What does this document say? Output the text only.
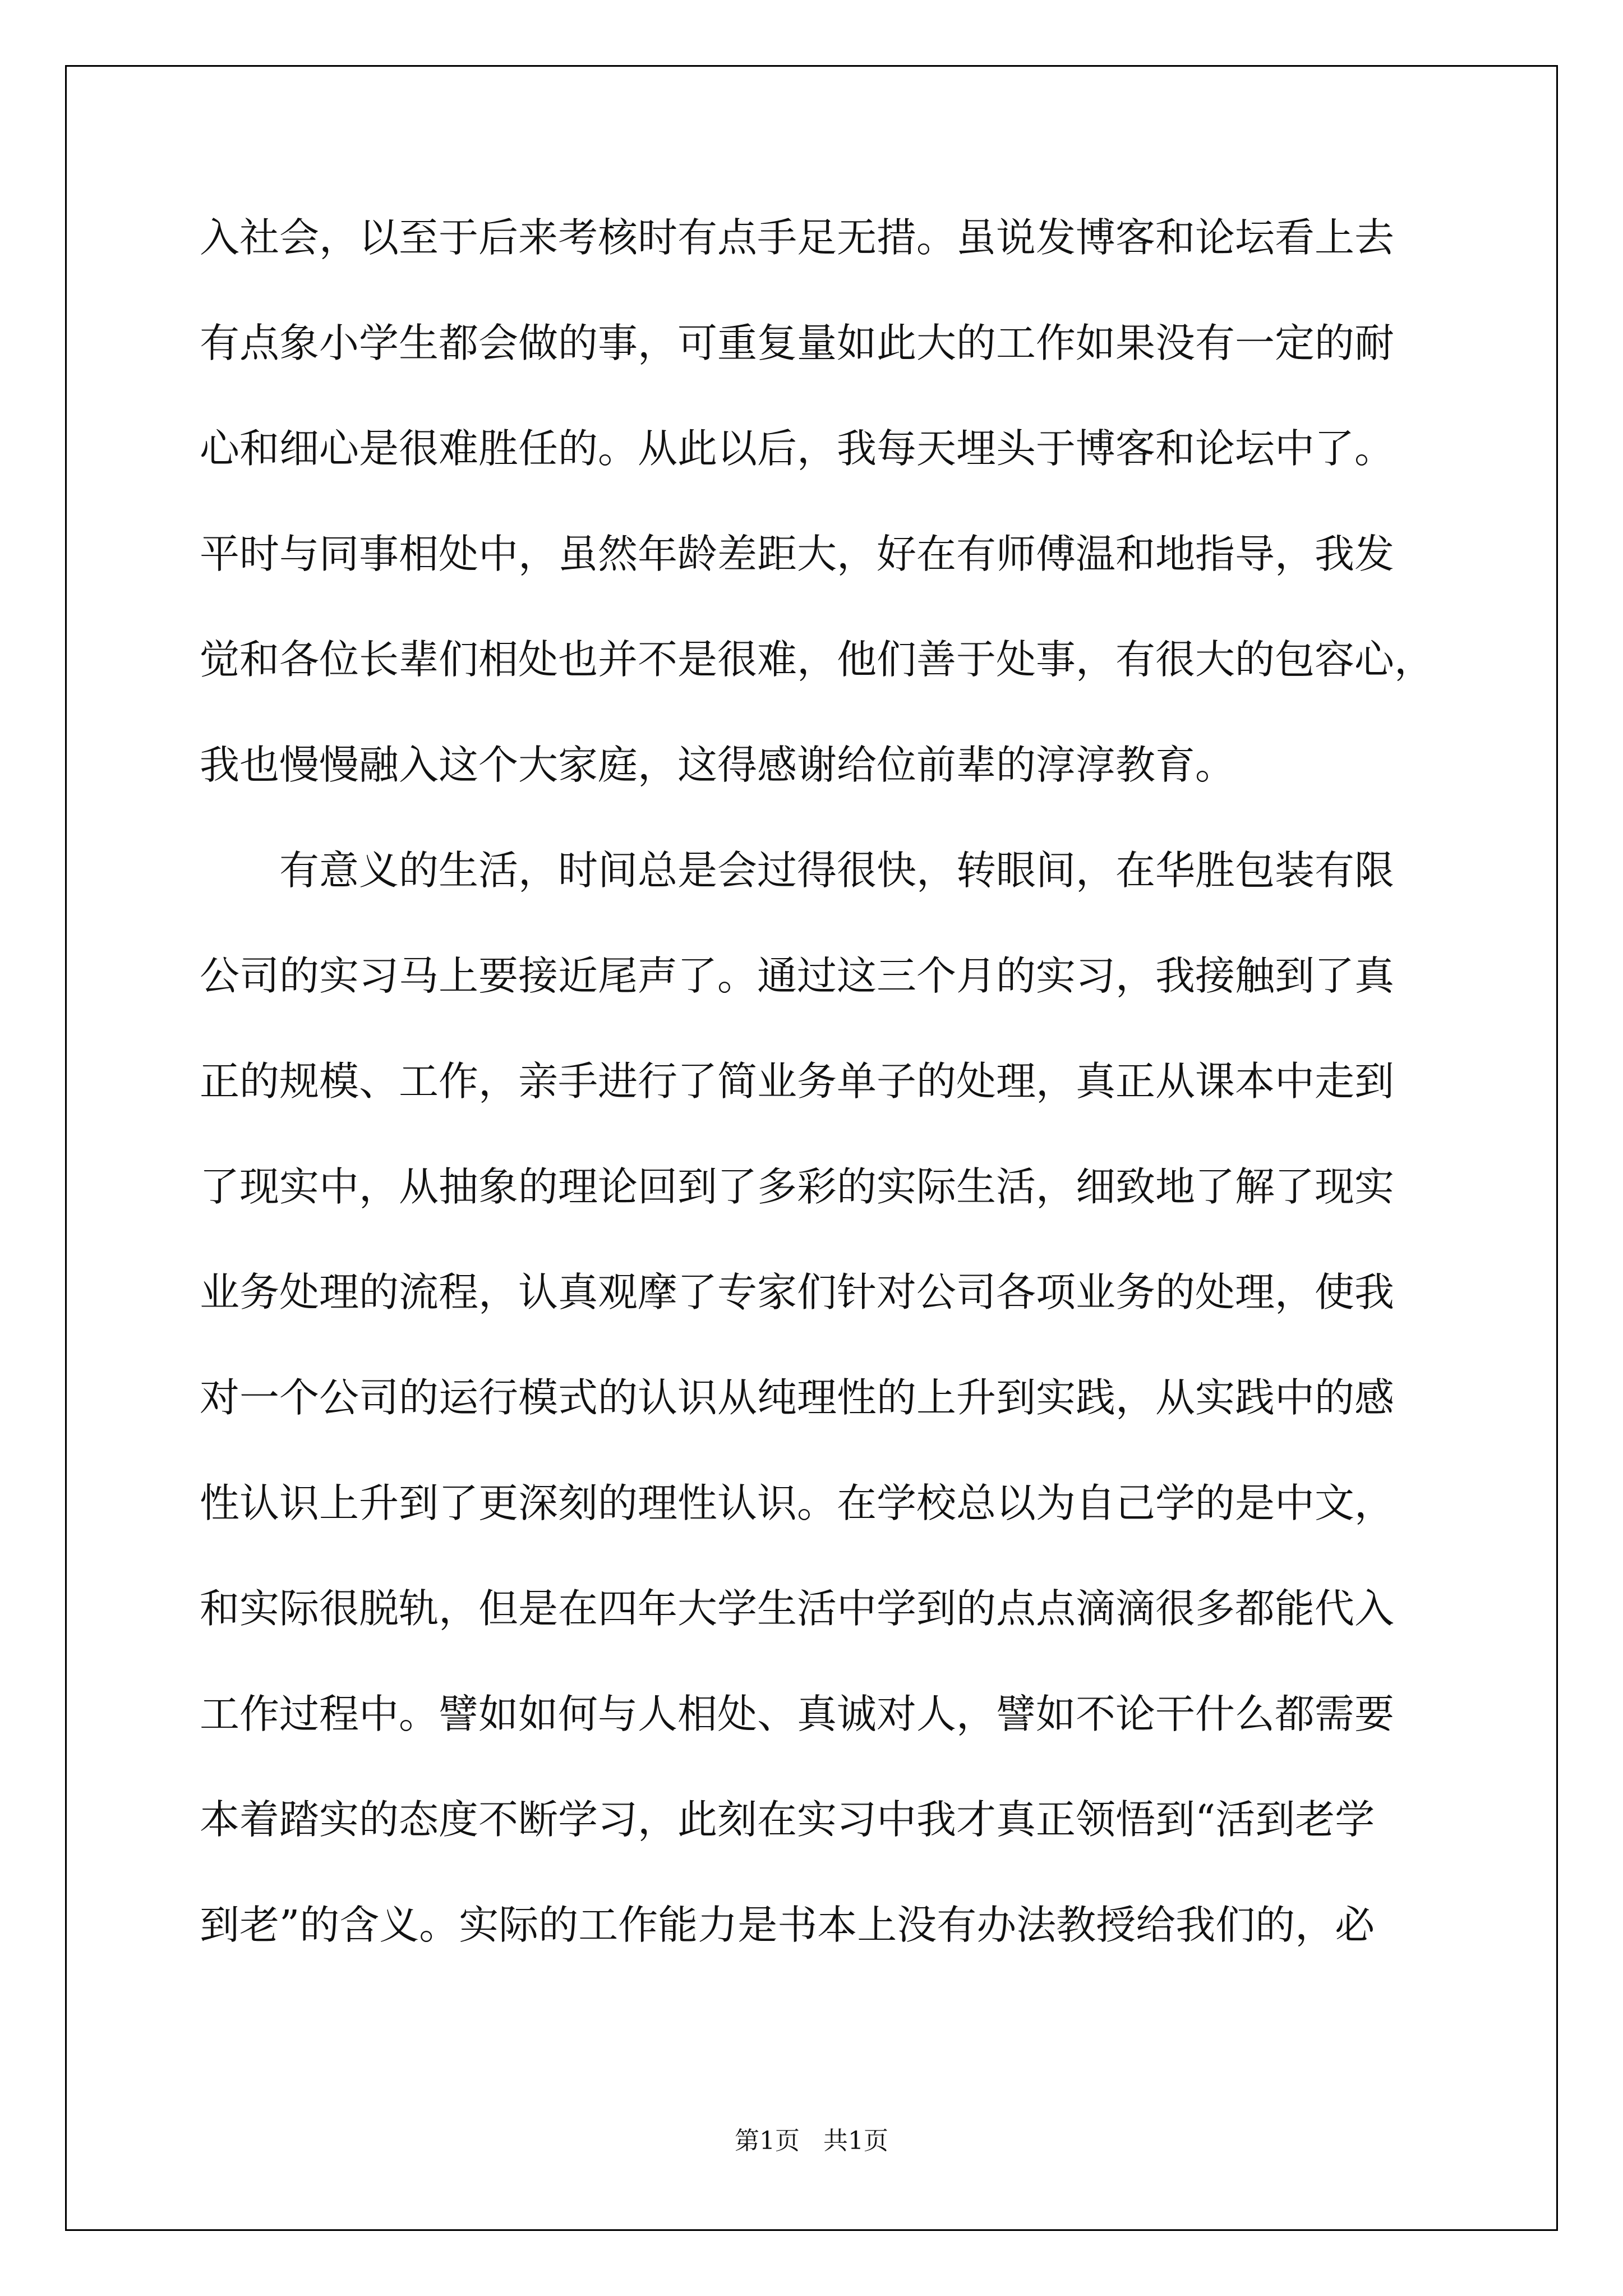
入社会，以至于后来考核时有点手足无措。虽说发博客和论坛看上去
有点象小学生都会做的事，可重复量如此大的工作如果没有一定的耐
心和细心是很难胜任的。从此以后，我每天埋头于博客和论坛中了。
平时与同事相处中，虽然年龄差距大，好在有师傅温和地指导，我发
觉和各位长辈们相处也并不是很难，他们善于处事，有很大的包容心，
我也慢慢融入这个大家庭，这得感谢给位前辈的淳淳教育。
有意义的生活，时间总是会过得很快，转眼间，在华胜包装有限
公司的实习马上要接近尾声了。通过这三个月的实习，我接触到了真
正的规模、工作，亲手进行了简业务单子的处理，真正从课本中走到
了现实中，从抽象的理论回到了多彩的实际生活，细致地了解了现实
业务处理的流程，认真观摩了专家们针对公司各项业务的处理，使我
对一个公司的运行模式的认识从纯理性的上升到实践，从实践中的感
性认识上升到了更深刻的理性认识。在学校总以为自己学的是中文，
和实际很脱轨，但是在四年大学生活中学到的点点滴滴很多都能代入
工作过程中。譬如如何与人相处、真诚对人，譬如不论干什么都需要
本着踏实的态度不断学习，此刻在实习中我才真正领悟到“活到老学
到老”的含义。实际的工作能力是书本上没有办法教授给我们的，必
第1页   共1页
